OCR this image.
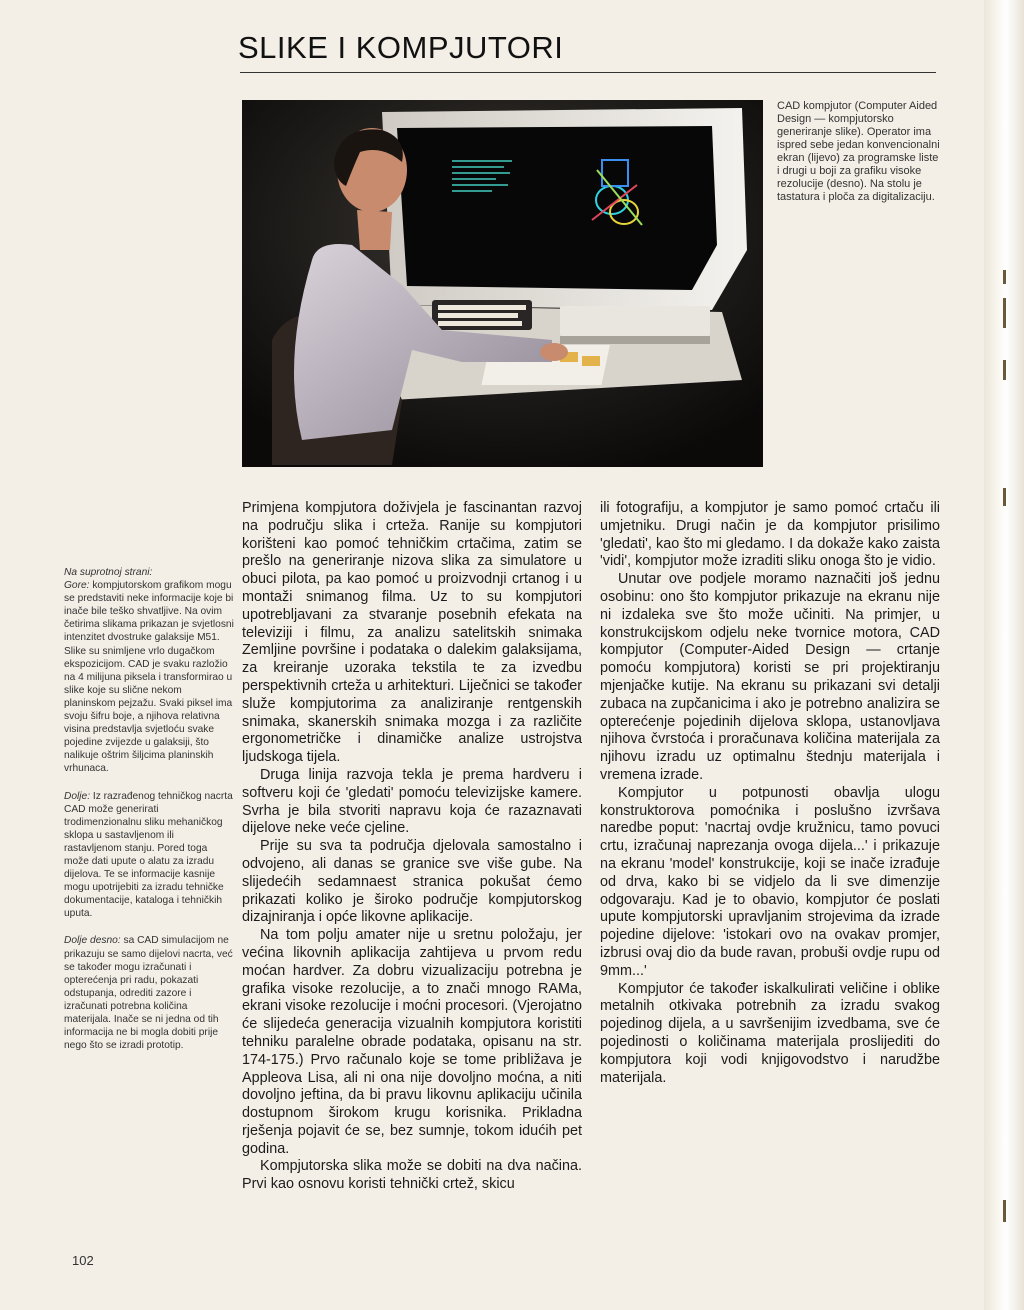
SLIKE I KOMPJUTORI
CAD kompjutor (Computer Aided Design — kompjutorsko generiranje slike). Operator ima ispred sebe jedan konvencionalni ekran (lijevo) za programske liste i drugi u boji za grafiku visoke rezolucije (desno). Na stolu je tastatura i ploča za digitalizaciju.

Na suprotnoj strani:

Gore: kompjutorskom grafikom mogu se predstaviti neke informacije koje bi inače bile teško shvatljive. Na ovim četirima slikama prikazan je svjetlosni intenzitet dvostruke galaksije M51. Slike su snimljene vrlo dugačkom ekspozicijom. CAD je svaku razložio na 4 milijuna piksela i transformirao u slike koje su slične nekom planinskom pejzažu. Svaki piksel ima svoju šifru boje, a njihova relativna visina predstavlja svjetloću svake pojedine zvijezde u galaksiji, što nalikuje oštrim šiljcima planinskih vrhunaca.

Dolje: Iz razrađenog tehničkog nacrta CAD može generirati trodimenzionalnu sliku mehaničkog sklopa u sastavljenom ili rastavljenom stanju. Pored toga može dati upute o alatu za izradu dijelova. Te se informacije kasnije mogu upotrijebiti za izradu tehničke dokumentacije, kataloga i tehničkih uputa.

Dolje desno: sa CAD simulacijom ne prikazuju se samo dijelovi nacrta, već se također mogu izračunati i opterećenja pri radu, pokazati odstupanja, odrediti zazore i izračunati potrebna količina materijala. Inače se ni jedna od tih informacija ne bi mogla dobiti prije nego što se izradi prototip.

Primjena kompjutora doživjela je fascinantan razvoj na području slika i crteža. Ranije su kompjutori korišteni kao pomoć tehničkim crtačima, zatim se prešlo na generiranje nizova slika za simulatore u obuci pilota, pa kao pomoć u proizvodnji crtanog i u montaži snimanog filma. Uz to su kompjutori upotrebljavani za stvaranje posebnih efekata na televiziji i filmu, za analizu satelitskih snimaka Zemljine površine i podataka o dalekim galaksijama, za kreiranje uzoraka tekstila te za izvedbu perspektivnih crteža u arhitekturi. Liječnici se također služe kompjutorima za analiziranje rentgenskih snimaka, skanerskih snimaka mozga i za različite ergonometričke i dinamičke analize ustrojstva ljudskoga tijela.

Druga linija razvoja tekla je prema hardveru i softveru koji će 'gledati' pomoću televizijske kamere. Svrha je bila stvoriti napravu koja će razaznavati dijelove neke veće cjeline.

Prije su sva ta područja djelovala samostalno i odvojeno, ali danas se granice sve više gube. Na slijedećih sedamnaest stranica pokušat ćemo prikazati koliko je široko područje kompjutorskog dizajniranja i opće likovne aplikacije.

Na tom polju amater nije u sretnu položaju, jer većina likovnih aplikacija zahtijeva u prvom redu moćan hardver. Za dobru vizualizaciju potrebna je grafika visoke rezolucije, a to znači mnogo RAMa, ekrani visoke rezolucije i moćni procesori. (Vjerojatno će slijedeća generacija vizualnih kompjutora koristiti tehniku paralelne obrade podataka, opisanu na str. 174-175.) Prvo računalo koje se tome približava je Appleova Lisa, ali ni ona nije dovoljno moćna, a niti dovoljno jeftina, da bi pravu likovnu aplikaciju učinila dostupnom širokom krugu korisnika. Prikladna rješenja pojavit će se, bez sumnje, tokom idućih pet godina.

Kompjutorska slika može se dobiti na dva načina. Prvi kao osnovu koristi tehnički crtež, skicu

ili fotografiju, a kompjutor je samo pomoć crtaču ili umjetniku. Drugi način je da kompjutor prisilimo 'gledati', kao što mi gledamo. I da dokaže kako zaista 'vidi', kompjutor može izraditi sliku onoga što je vidio.

Unutar ove podjele moramo naznačiti još jednu osobinu: ono što kompjutor prikazuje na ekranu nije ni izdaleka sve što može učiniti. Na primjer, u konstrukcijskom odjelu neke tvornice motora, CAD kompjutor (Computer-Aided Design — crtanje pomoću kompjutora) koristi se pri projektiranju mjenjačke kutije. Na ekranu su prikazani svi detalji zubaca na zupčanicima i ako je potrebno analizira se opterećenje pojedinih dijelova sklopa, ustanovljava njihova čvrstoća i proračunava količina materijala za njihovu izradu uz optimalnu štednju materijala i vremena izrade.

Kompjutor u potpunosti obavlja ulogu konstruktorova pomoćnika i poslušno izvršava naredbe poput: 'nacrtaj ovdje kružnicu, tamo povuci crtu, izračunaj naprezanja ovoga dijela...' i prikazuje na ekranu 'model' konstrukcije, koji se inače izrađuje od drva, kako bi se vidjelo da li sve dimenzije odgovaraju. Kad je to obavio, kompjutor će poslati upute kompjutorski upravljanim strojevima da izrade pojedine dijelove: 'istokari ovo na ovakav promjer, izbrusi ovaj dio da bude ravan, probuši ovdje rupu od 9mm...'

Kompjutor će također iskalkulirati veličine i oblike metalnih otkivaka potrebnih za izradu svakog pojedinog dijela, a u savršenijim izvedbama, sve će pojedinosti o količinama materijala proslijediti do kompjutora koji vodi knjigovodstvo i narudžbe materijala.

102
